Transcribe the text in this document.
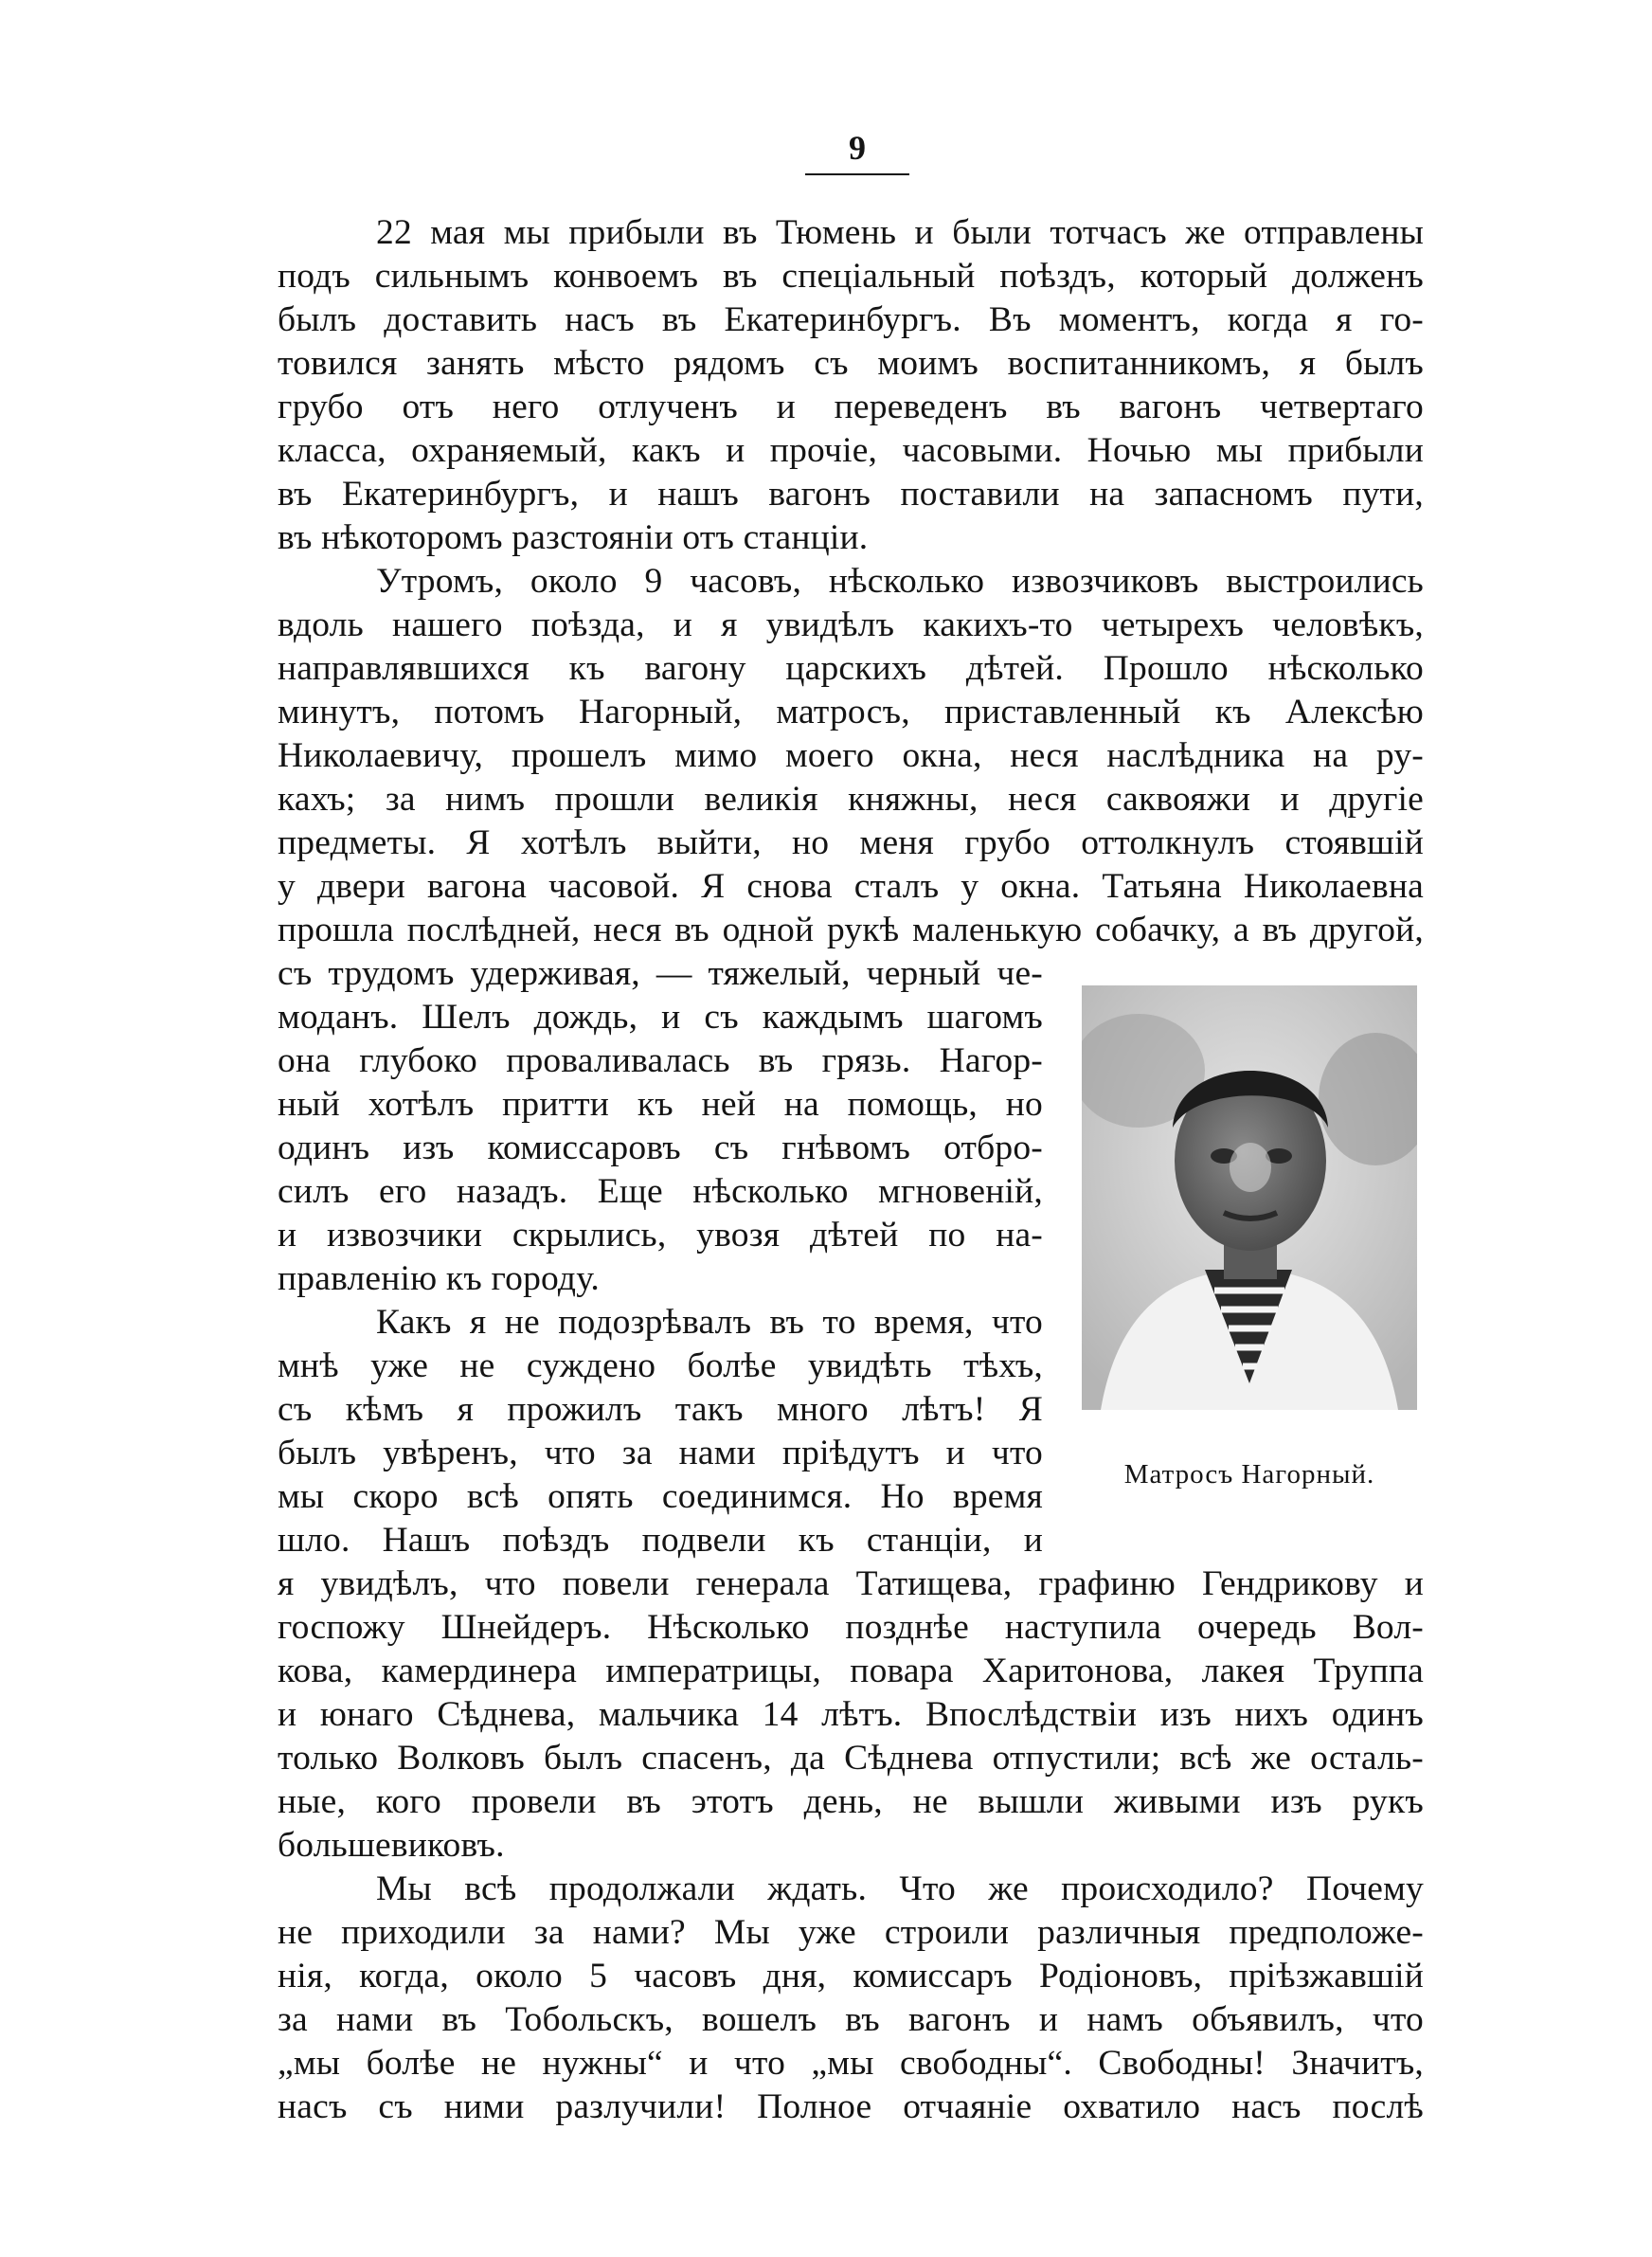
9
22 мая мы прибыли въ Тюмень и были тотчасъ же отправлены
подъ сильнымъ конвоемъ въ спеціальный поѣздъ, который долженъ
былъ доставить насъ въ Екатеринбургъ. Въ моментъ, когда я го-
товился занять мѣсто рядомъ съ моимъ воспитанникомъ, я былъ
грубо отъ него отлученъ и переведенъ въ вагонъ четвертаго
класса, охраняемый, какъ и прочіе, часовыми. Ночью мы прибыли
въ Екатеринбургъ, и нашъ вагонъ поставили на запасномъ пути,
въ нѣкоторомъ разстояніи отъ станціи.
Утромъ, около 9 часовъ, нѣсколько извозчиковъ выстроились
вдоль нашего поѣзда, и я увидѣлъ какихъ-то четырехъ человѣкъ,
направлявшихся къ вагону царскихъ дѣтей. Прошло нѣсколько
минутъ, потомъ Нагорный, матросъ, приставленный къ Алексѣю
Николаевичу, прошелъ мимо моего окна, неся наслѣдника на ру-
кахъ; за нимъ прошли великія княжны, неся саквояжи и другіе
предметы. Я хотѣлъ выйти, но меня грубо оттолкнулъ стоявшій
у двери вагона часовой. Я снова сталъ у окна. Татьяна Николаевна
прошла послѣдней, неся въ одной рукѣ маленькую собачку, а въ другой,
съ трудомъ удерживая, — тяжелый, черный че-
моданъ. Шелъ дождь, и съ каждымъ шагомъ
она глубоко проваливалась въ грязь. Нагор-
ный хотѣлъ притти къ ней на помощь, но
одинъ изъ комиссаровъ съ гнѣвомъ отбро-
силъ его назадъ. Еще нѣсколько мгновеній,
и извозчики скрылись, увозя дѣтей по на-
правленію къ городу.
Какъ я не подозрѣвалъ въ то время, что
мнѣ уже не суждено болѣе увидѣть тѣхъ,
съ кѣмъ я прожилъ такъ много лѣтъ! Я
былъ увѣренъ, что за нами пріѣдутъ и что
мы скоро всѣ опять соединимся. Но время
шло. Нашъ поѣздъ подвели къ станціи, и
я увидѣлъ, что повели генерала Татищева, графиню Гендрикову и
госпожу Шнейдеръ. Нѣсколько позднѣе наступила очередь Вол-
кова, камердинера императрицы, повара Харитонова, лакея Труппа
и юнаго Сѣднева, мальчика 14 лѣтъ. Впослѣдствіи изъ нихъ одинъ
только Волковъ былъ спасенъ, да Сѣднева отпустили; всѣ же осталь-
ные, кого провели въ этотъ день, не вышли живыми изъ рукъ
большевиковъ.
Мы всѣ продолжали ждать. Что же происходило? Почему
не приходили за нами? Мы уже строили различныя предположе-
нія, когда, около 5 часовъ дня, комиссаръ Родіоновъ, пріѣзжавшій
за нами въ Тобольскъ, вошелъ въ вагонъ и намъ объявилъ, что
„мы болѣе не нужны“ и что „мы свободны“. Свободны! Значитъ,
насъ съ ними разлучили! Полное отчаяніе охватило насъ послѣ
Матросъ Нагорный.
